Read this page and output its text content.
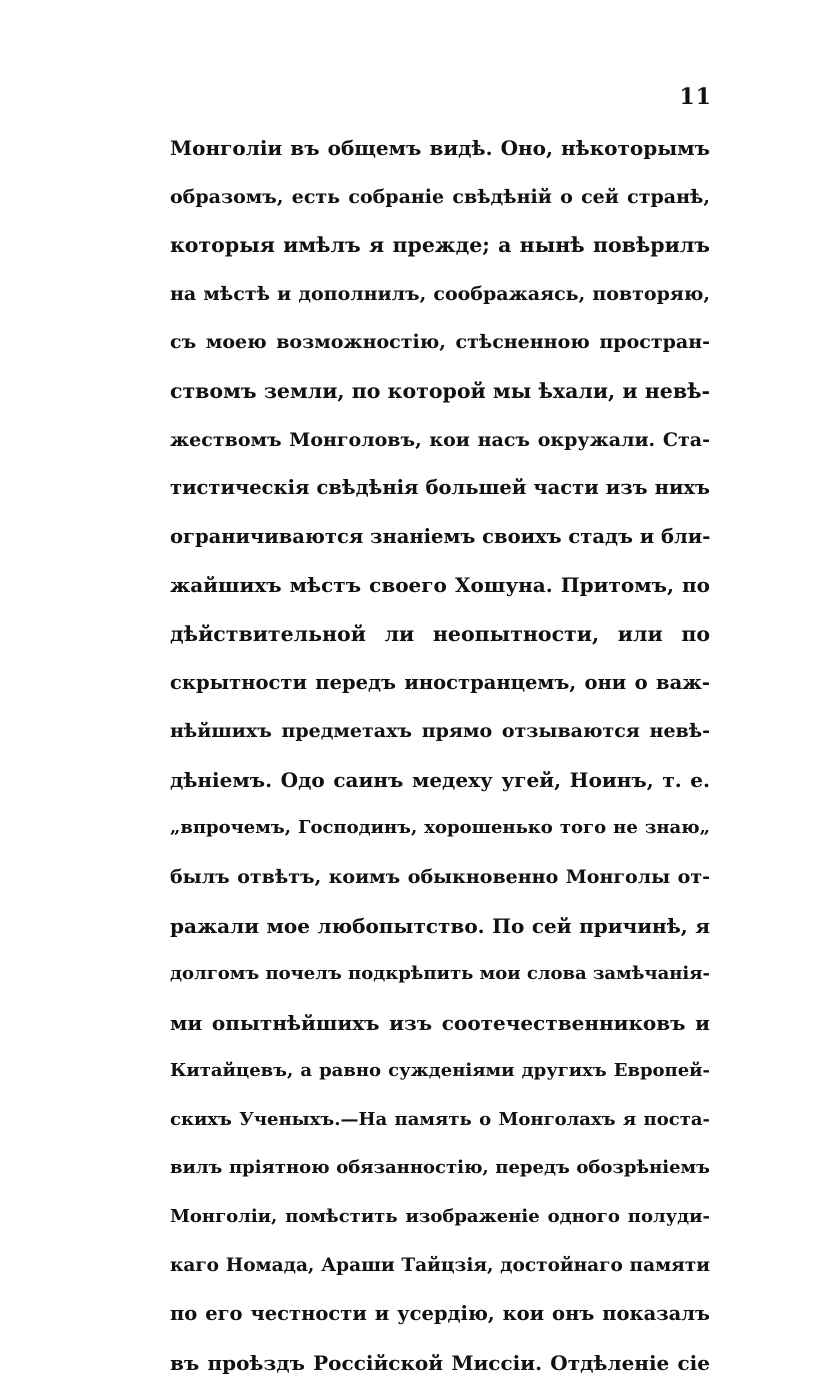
11
Монголіи въ общемъ видѣ. Оно, нѣкоторымъ
образомъ, есть собраніе свѣдѣній о сей странѣ,
которыя имѣлъ я прежде; а нынѣ повѣрилъ
на мѣстѣ и дополнилъ, соображаясь, повторяю,
съ моею возможностію, стѣсненною простран-
ствомъ земли, по которой мы ѣхали, и невѣ-
жествомъ Монголовъ, кои насъ окружали. Ста-
тистическія свѣдѣнія большей части изъ нихъ
ограничиваются знаніемъ своихъ стадъ и бли-
жайшихъ мѣстъ своего Хошуна. Притомъ, по
дѣйствительной ли неопытности, или по
скрытности передъ иностранцемъ, они о важ-
нѣйшихъ предметахъ прямо отзываются невѣ-
дѣніемъ. Одо саинъ медеху угей, Ноинъ, т. е.
„впрочемъ, Господинъ, хорошенько того не знаю„
былъ отвѣтъ, коимъ обыкновенно Монголы от-
ражали мое любопытство. По сей причинѣ, я
долгомъ почелъ подкрѣпить мои слова замѣчанія-
ми опытнѣйшихъ изъ соотечественниковъ и
Китайцевъ, а равно сужденіями другихъ Европей-
скихъ Ученыхъ.—На память о Монголахъ я поста-
вилъ пріятною обязанностію, передъ обозрѣніемъ
Монголіи, помѣстить изображеніе одного полуди-
каго Номада, Араши Тайцзія, достойнаго памяти
по его честности и усердію, кои онъ показалъ
въ проѣздъ Россійской Миссіи. Отдѣленіе сіе
